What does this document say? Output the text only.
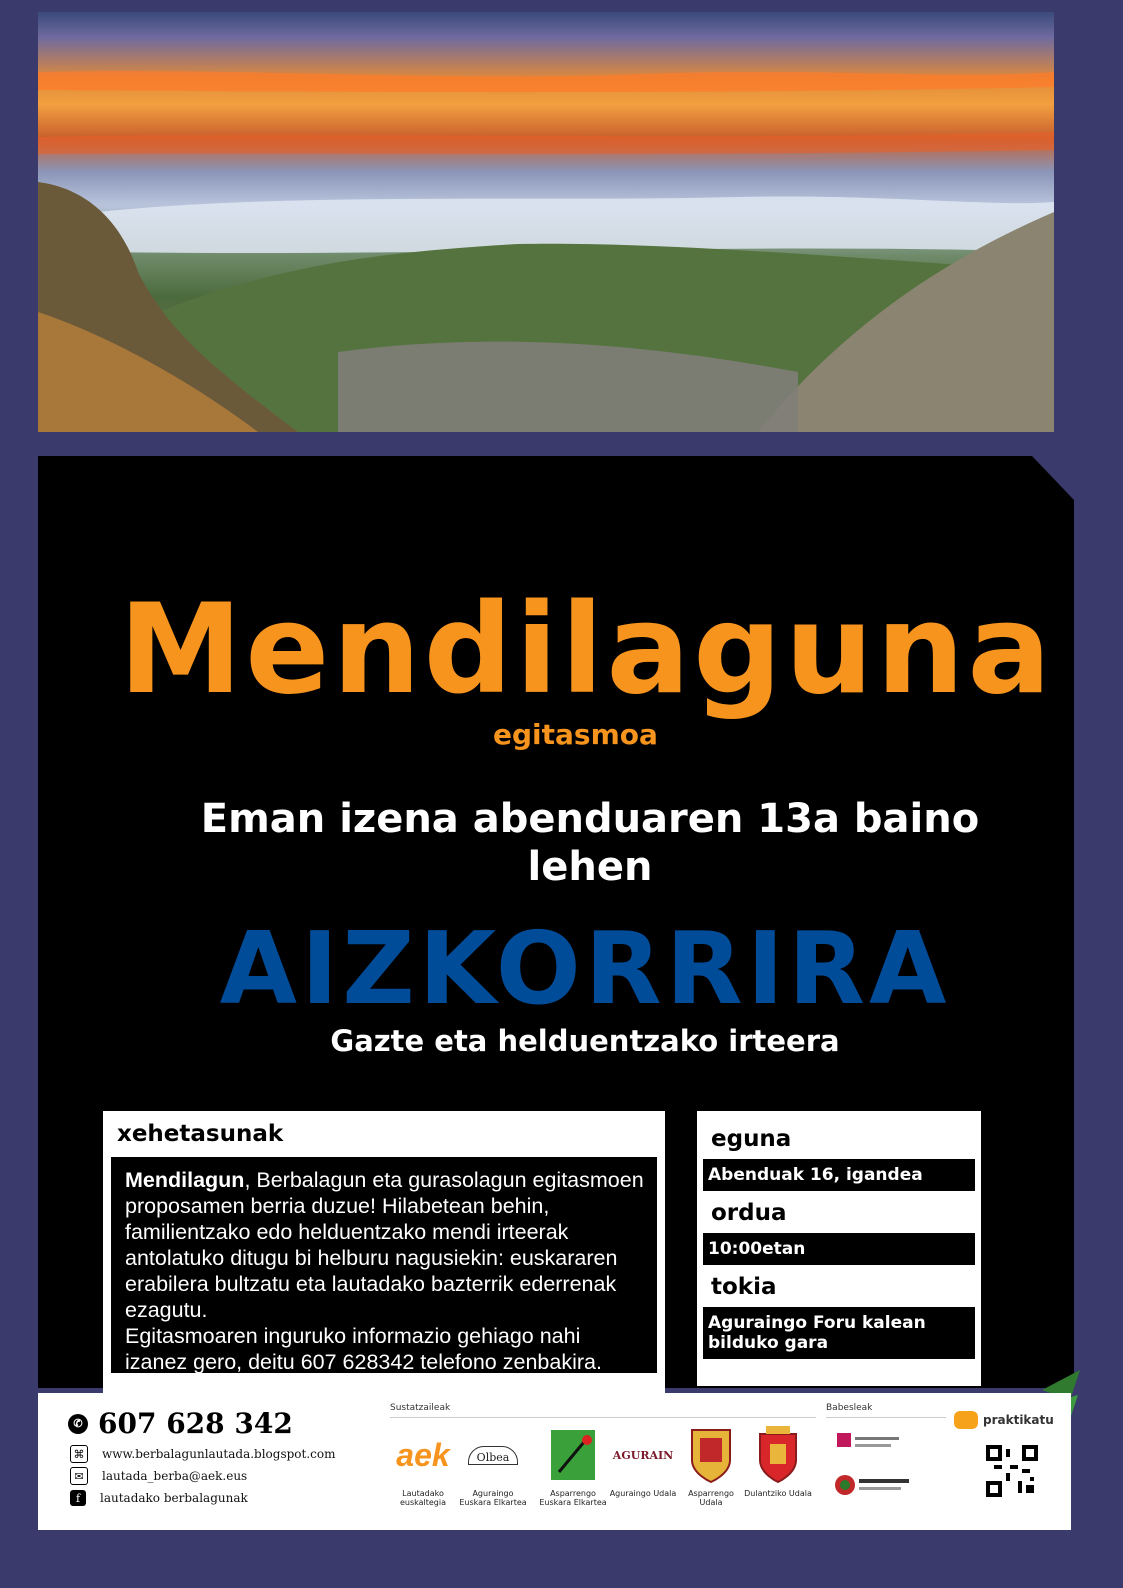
Mendilaguna
egitasmoa
Eman izena abenduaren 13a baino
lehen
AIZKORRIRA
Gazte eta helduentzako irteera
xehetasunak

Mendilagun, Berbalagun eta gurasolagun egitasmoen proposamen berria duzue! Hilabetean behin, familientzako edo helduentzako mendi irteerak antolatuko ditugu bi helburu nagusiekin: euskararen erabilera bultzatu eta lautadako bazterrik ederrenak ezagutu.
Egitasmoaren inguruko informazio gehiago nahi izanez gero, deitu 607 628342 telefono zenbakira.

eguna
Abenduak 16, igandea
ordua
10:00etan
tokia
Aguraingo Foru kalean bilduko gara
✆ 607 628 342
⌘ www.berbalagunlautada.blogspot.com
✉	lautada_berba@aek.eus
f	lautadako berbalagunak
Sustatzaileak	Babesleak
aek
Lautadako euskaltegia
Olbea
Aguraingo Euskara Elkartea
Asparrengo Euskara Elkartea
AGURAIN
Aguraingo Udala	Asparrengo Udala
Dulantziko Udala
praktikatu
